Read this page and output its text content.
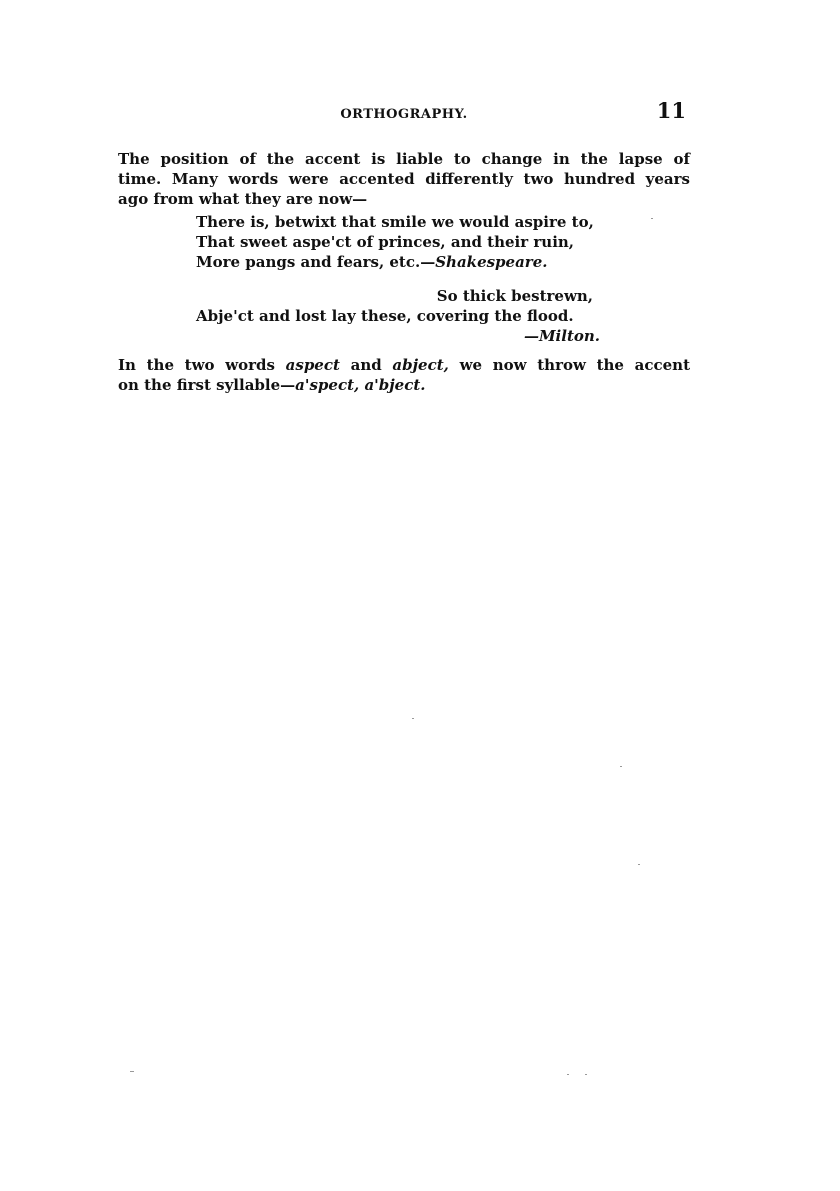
ORTHOGRAPHY.	11
The position of the accent is liable to change in the lapse of
time. Many words were accented differently two hundred years
ago from what they are now—
There is, betwixt that smile we would aspire to,
That sweet aspe'ct of princes, and their ruin,
More pangs and fears, etc.—Shakespeare.
So thick bestrewn,
Abje'ct and lost lay these, covering the flood.
—Milton.
In the two words aspect and abject, we now throw the accent
on the first syllable—a'spect, a'bject.
